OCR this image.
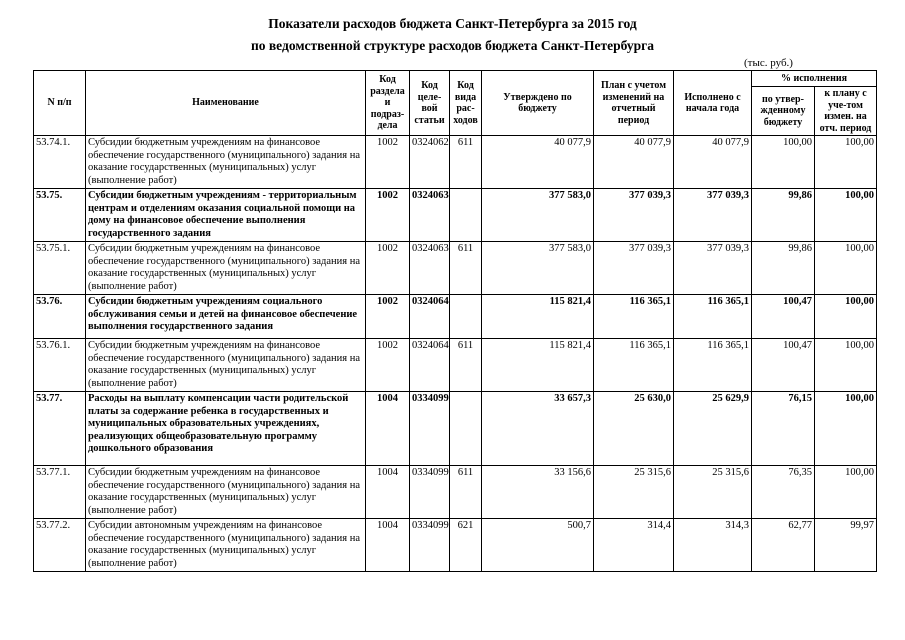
Показатели расходов бюджета Санкт-Петербурга за 2015 год
по ведомственной структуре расходов бюджета Санкт-Петербурга
(тыс. руб.)
N п/п	Наименование	Код раздела и подраз-дела	Код целе-вой статьи	Код вида рас-ходов	Утверждено по бюджету	План с учетом изменений на отчетный период	Исполнено с начала года	% исполнения	
								по утвер-жденному бюджету	к плану с уче-том измен. на отч. период
53.74.1.	Субсидии бюджетным учреждениям на финансовое обеспечение государственного (муниципального) задания на оказание государственных (муниципальных) услуг (выполнение работ)	1002	0324062	611	40 077,9	40 077,9	40 077,9	100,00	100,00
53.75.	Субсидии бюджетным учреждениям - территориальным центрам и отделениям оказания социальной помощи на дому на финансовое обеспечение выполнения государственного задания	1002	0324063		377 583,0	377 039,3	377 039,3	99,86	100,00
53.75.1.	Субсидии бюджетным учреждениям на финансовое обеспечение государственного (муниципального) задания на оказание государственных (муниципальных) услуг (выполнение работ)	1002	0324063	611	377 583,0	377 039,3	377 039,3	99,86	100,00
53.76.	Субсидии бюджетным учреждениям социального обслуживания семьи и детей на финансовое обеспечение выполнения государственного задания	1002	0324064		115 821,4	116 365,1	116 365,1	100,47	100,00
53.76.1.	Субсидии бюджетным учреждениям на финансовое обеспечение государственного (муниципального) задания на оказание государственных (муниципальных) услуг (выполнение работ)	1002	0324064	611	115 821,4	116 365,1	116 365,1	100,47	100,00
53.77.	Расходы на выплату компенсации части родительской платы за содержание ребенка в государственных и муниципальных образовательных учреждениях, реализующих общеобразовательную программу дошкольного образования	1004	0334099		33 657,3	25 630,0	25 629,9	76,15	100,00
53.77.1.	Субсидии бюджетным учреждениям на финансовое обеспечение государственного (муниципального) задания на оказание государственных (муниципальных) услуг (выполнение работ)	1004	0334099	611	33 156,6	25 315,6	25 315,6	76,35	100,00
53.77.2.	Субсидии автономным учреждениям на финансовое обеспечение государственного (муниципального) задания на оказание государственных (муниципальных) услуг (выполнение работ)	1004	0334099	621	500,7	314,4	314,3	62,77	99,97
